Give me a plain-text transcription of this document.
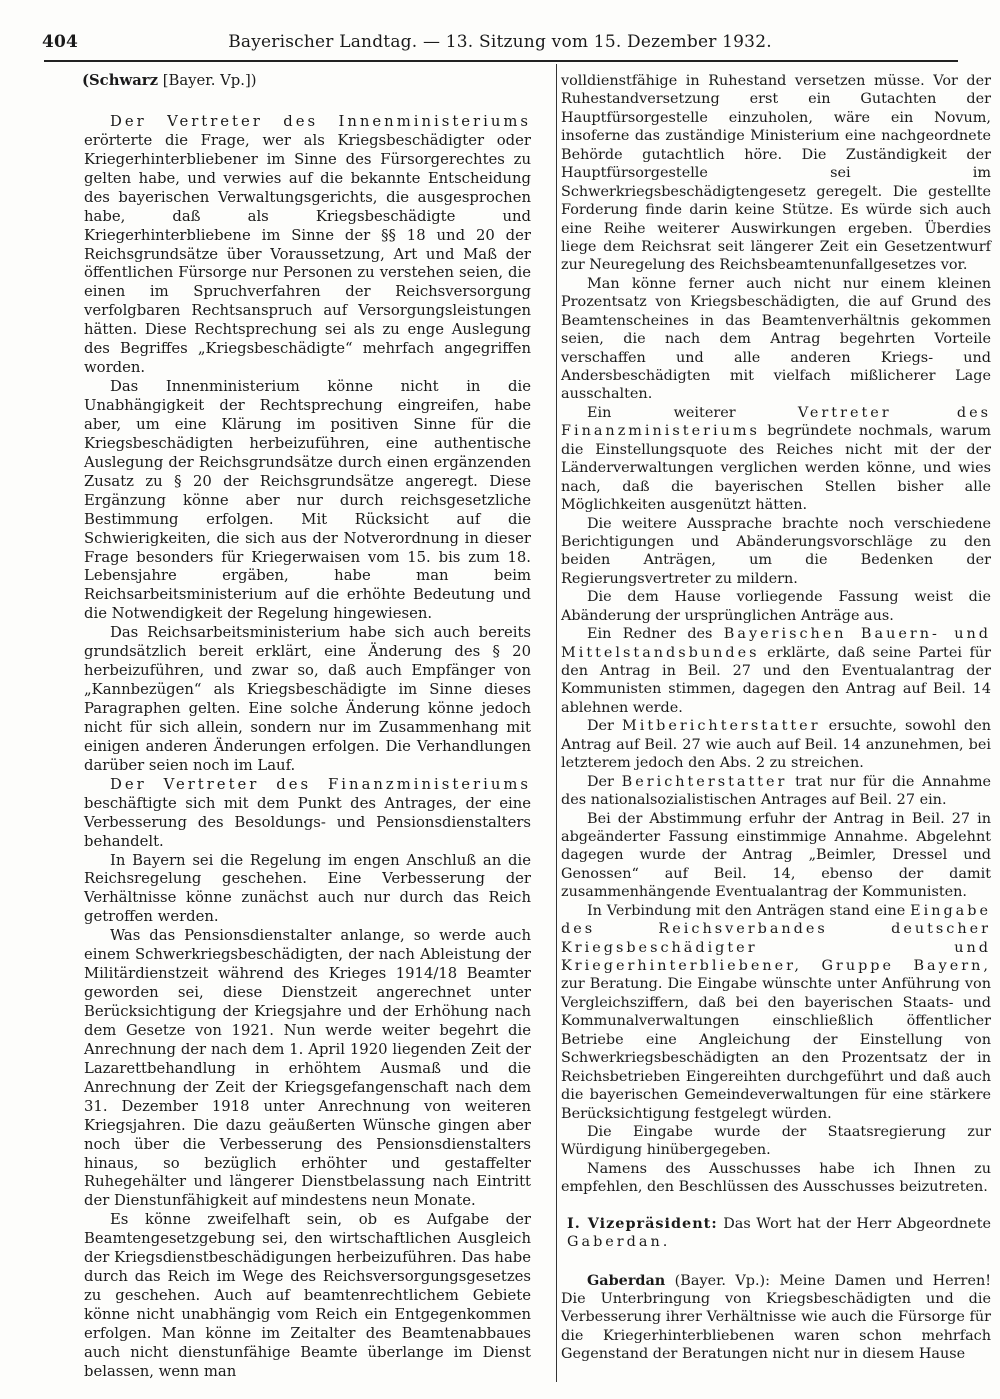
Bayerischer Landtag. — 13. Sitzung vom 15. Dezember 1932.
404

(Schwarz [Bayer. Vp.])

Der Vertreter des Innenministeriums erörterte die Frage, wer als Kriegsbeschädigter oder Kriegerhinterbliebener im Sinne des Fürsorgerechtes zu gelten habe, und verwies auf die bekannte Entscheidung des bayerischen Verwaltungsgerichts, die ausgesprochen habe, daß als Kriegsbeschädigte und Kriegerhinterbliebene im Sinne der §§ 18 und 20 der Reichsgrundsätze über Voraussetzung, Art und Maß der öffentlichen Fürsorge nur Personen zu verstehen seien, die einen im Spruchverfahren der Reichsversorgung verfolgbaren Rechtsanspruch auf Versorgungsleistungen hätten. Diese Rechtsprechung sei als zu enge Auslegung des Begriffes „Kriegsbeschädigte“ mehrfach angegriffen worden.

Das Innenministerium könne nicht in die Unabhängigkeit der Rechtsprechung eingreifen, habe aber, um eine Klärung im positiven Sinne für die Kriegsbeschädigten herbeizuführen, eine authentische Auslegung der Reichsgrundsätze durch einen ergänzenden Zusatz zu § 20 der Reichsgrundsätze angeregt. Diese Ergänzung könne aber nur durch reichsgesetzliche Bestimmung erfolgen. Mit Rücksicht auf die Schwierigkeiten, die sich aus der Notverordnung in dieser Frage besonders für Kriegerwaisen vom 15. bis zum 18. Lebensjahre ergäben, habe man beim Reichsarbeitsministerium auf die erhöhte Bedeutung und die Notwendigkeit der Regelung hingewiesen.

Das Reichsarbeitsministerium habe sich auch bereits grundsätzlich bereit erklärt, eine Änderung des § 20 herbeizuführen, und zwar so, daß auch Empfänger von „Kannbezügen“ als Kriegsbeschädigte im Sinne dieses Paragraphen gelten. Eine solche Änderung könne jedoch nicht für sich allein, sondern nur im Zusammenhang mit einigen anderen Änderungen erfolgen. Die Verhandlungen darüber seien noch im Lauf.

Der Vertreter des Finanzministeriums beschäftigte sich mit dem Punkt des Antrages, der eine Verbesserung des Besoldungs- und Pensionsdienstalters behandelt.

In Bayern sei die Regelung im engen Anschluß an die Reichsregelung geschehen. Eine Verbesserung der Verhältnisse könne zunächst auch nur durch das Reich getroffen werden.

Was das Pensionsdienstalter anlange, so werde auch einem Schwerkriegsbeschädigten, der nach Ableistung der Militärdienstzeit während des Krieges 1914/18 Beamter geworden sei, diese Dienstzeit angerechnet unter Berücksichtigung der Kriegsjahre und der Erhöhung nach dem Gesetze von 1921. Nun werde weiter begehrt die Anrechnung der nach dem 1. April 1920 liegenden Zeit der Lazarettbehandlung in erhöhtem Ausmaß und die Anrechnung der Zeit der Kriegsgefangenschaft nach dem 31. Dezember 1918 unter Anrechnung von weiteren Kriegsjahren. Die dazu geäußerten Wünsche gingen aber noch über die Verbesserung des Pensionsdienstalters hinaus, so bezüglich erhöhter und gestaffelter Ruhegehälter und längerer Dienstbelassung nach Eintritt der Dienstunfähigkeit auf mindestens neun Monate.

Es könne zweifelhaft sein, ob es Aufgabe der Beamtengesetzgebung sei, den wirtschaftlichen Ausgleich der Kriegsdienstbeschädigungen herbeizuführen. Das habe durch das Reich im Wege des Reichsversorgungsgesetzes zu geschehen. Auch auf beamtenrechtlichem Gebiete könne nicht unabhängig vom Reich ein Entgegenkommen erfolgen. Man könne im Zeitalter des Beamtenabbaues auch nicht dienstunfähige Beamte überlange im Dienst belassen, wenn man

volldienstfähige in Ruhestand versetzen müsse. Vor der Ruhestandversetzung erst ein Gutachten der Hauptfürsorgestelle einzuholen, wäre ein Novum, insoferne das zuständige Ministerium eine nachgeordnete Behörde gutachtlich höre. Die Zuständigkeit der Hauptfürsorgestelle sei im Schwerkriegsbeschädigtengesetz geregelt. Die gestellte Forderung finde darin keine Stütze. Es würde sich auch eine Reihe weiterer Auswirkungen ergeben. Überdies liege dem Reichsrat seit längerer Zeit ein Gesetzentwurf zur Neuregelung des Reichsbeamtenunfallgesetzes vor.

Man könne ferner auch nicht nur einem kleinen Prozentsatz von Kriegsbeschädigten, die auf Grund des Beamtenscheines in das Beamtenverhältnis gekommen seien, die nach dem Antrag begehrten Vorteile verschaffen und alle anderen Kriegs- und Andersbeschädigten mit vielfach mißlicherer Lage ausschalten.

Ein weiterer Vertreter des Finanzministeriums begründete nochmals, warum die Einstellungsquote des Reiches nicht mit der der Länderverwaltungen verglichen werden könne, und wies nach, daß die bayerischen Stellen bisher alle Möglichkeiten ausgenützt hätten.

Die weitere Aussprache brachte noch verschiedene Berichtigungen und Abänderungsvorschläge zu den beiden Anträgen, um die Bedenken der Regierungsvertreter zu mildern.

Die dem Hause vorliegende Fassung weist die Abänderung der ursprünglichen Anträge aus.

Ein Redner des Bayerischen Bauern- und Mittelstandsbundes erklärte, daß seine Partei für den Antrag in Beil. 27 und den Eventualantrag der Kommunisten stimmen, dagegen den Antrag auf Beil. 14 ablehnen werde.

Der Mitberichterstatter ersuchte, sowohl den Antrag auf Beil. 27 wie auch auf Beil. 14 anzunehmen, bei letzterem jedoch den Abs. 2 zu streichen.

Der Berichterstatter trat nur für die Annahme des nationalsozialistischen Antrages auf Beil. 27 ein.

Bei der Abstimmung erfuhr der Antrag in Beil. 27 in abgeänderter Fassung einstimmige Annahme. Abgelehnt dagegen wurde der Antrag „Beimler, Dressel und Genossen“ auf Beil. 14, ebenso der damit zusammenhängende Eventualantrag der Kommunisten.

In Verbindung mit den Anträgen stand eine Eingabe des Reichsverbandes deutscher Kriegsbeschädigter und Kriegerhinterbliebener, Gruppe Bayern, zur Beratung. Die Eingabe wünschte unter Anführung von Vergleichsziffern, daß bei den bayerischen Staats- und Kommunalverwaltungen einschließlich öffentlicher Betriebe eine Angleichung der Einstellung von Schwerkriegsbeschädigten an den Prozentsatz der in Reichsbetrieben Eingereihten durchgeführt und daß auch die bayerischen Gemeindeverwaltungen für eine stärkere Berücksichtigung festgelegt würden.

Die Eingabe wurde der Staatsregierung zur Würdigung hinübergegeben.

Namens des Ausschusses habe ich Ihnen zu empfehlen, den Beschlüssen des Ausschusses beizutreten.

I. Vizepräsident: Das Wort hat der Herr Abgeordnete Gaberdan.

Gaberdan (Bayer. Vp.): Meine Damen und Herren! Die Unterbringung von Kriegsbeschädigten und die Verbesserung ihrer Verhältnisse wie auch die Fürsorge für die Kriegerhinterbliebenen waren schon mehrfach Gegenstand der Beratungen nicht nur in diesem Hause
